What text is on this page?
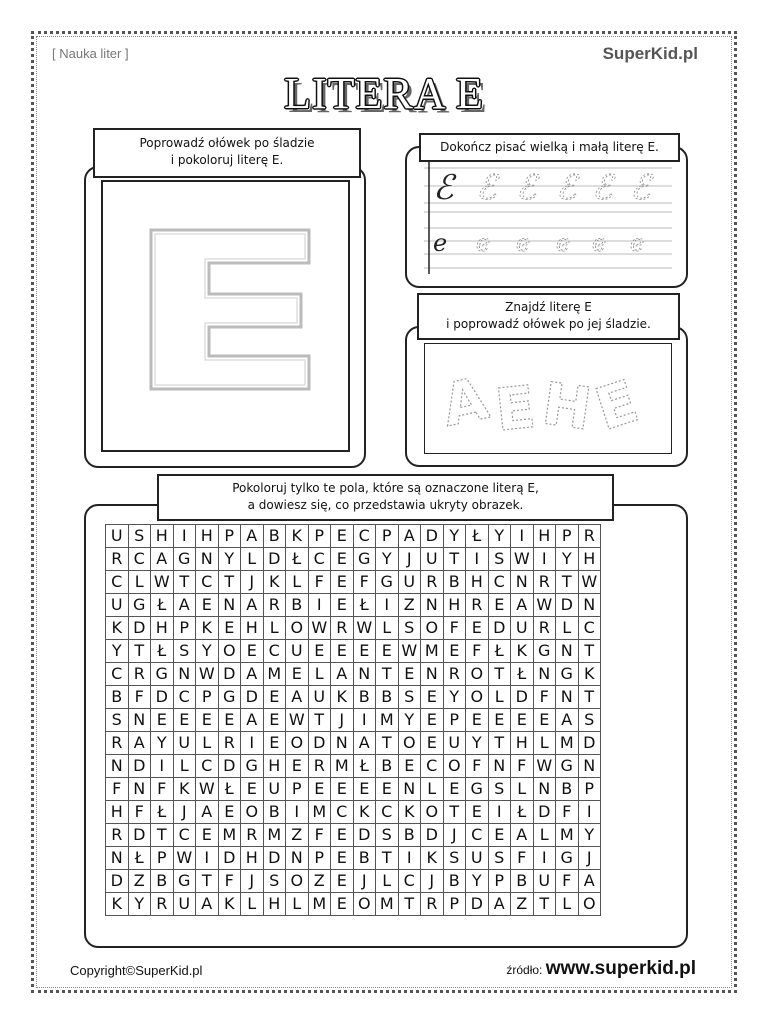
[ Nauka liter ]	SuperKid.pl
LITERA E
Poprowadź ołówek po śladzie
i pokoloruj literę E.
Dokończ pisać wielką i małą literę E.
ℰ ℰ ℰ ℰ ℰ ℰ
e e e e e e
Znajdź literę E
i poprowadź ołówek po jej śladzie.
A
E H
E
Pokoloruj tylko te pola, które są oznaczone literą E,
a dowiesz się, co przedstawia ukryty obrazek.
U	S	H	I	H	P	A	B	K	P	E	C	P	A	D	Y	Ł	Y	I	H	P	R
R	C	A	G	N	Y	L	D	Ł	C	E	G	Y	J	U	T	I	S	W	I	Y	H
C	L	W	T	C	T	J	K	L	F	E	F	G	U	R	B	H	C	N	R	T	W
U	G	Ł	A	E	N	A	R	B	I	E	Ł	I	Z	N	H	R	E	A	W	D	N
K	D	H	P	K	E	H	L	O	W	R	W	L	S	O	F	E	D	U	R	L	C
Y	T	Ł	S	Y	O	E	C	U	E	E	E	E	W	M	E	F	Ł	K	G	N	T
C	R	G	N	W	D	A	M	E	L	A	N	T	E	N	R	O	T	Ł	N	G	K
B	F	D	C	P	G	D	E	A	U	K	B	B	S	E	Y	O	L	D	F	N	T
S	N	E	E	E	E	A	E	W	T	J	I	M	Y	E	P	E	E	E	E	A	S
R	A	Y	U	L	R	I	E	O	D	N	A	T	O	E	U	Y	T	H	L	M	D
N	D	I	L	C	D	G	H	E	R	M	Ł	B	E	C	O	F	N	F	W	G	N
F	N	F	K	W	Ł	E	U	P	E	E	E	E	N	L	E	G	S	L	N	B	P
H	F	Ł	J	A	E	O	B	I	M	C	K	C	K	O	T	E	I	Ł	D	F	I
R	D	T	C	E	M	R	M	Z	F	E	D	S	B	D	J	C	E	A	L	M	Y
N	Ł	P	W	I	D	H	D	N	P	E	B	T	I	K	S	U	S	F	I	G	J
D	Z	B	G	T	F	J	S	O	Z	E	J	L	C	J	B	Y	P	B	U	F	A
K	Y	R	U	A	K	L	H	L	M	E	O	M	T	R	P	D	A	Z	T	L	O
Copyright©SuperKid.pl	źródło: www.superkid.pl
